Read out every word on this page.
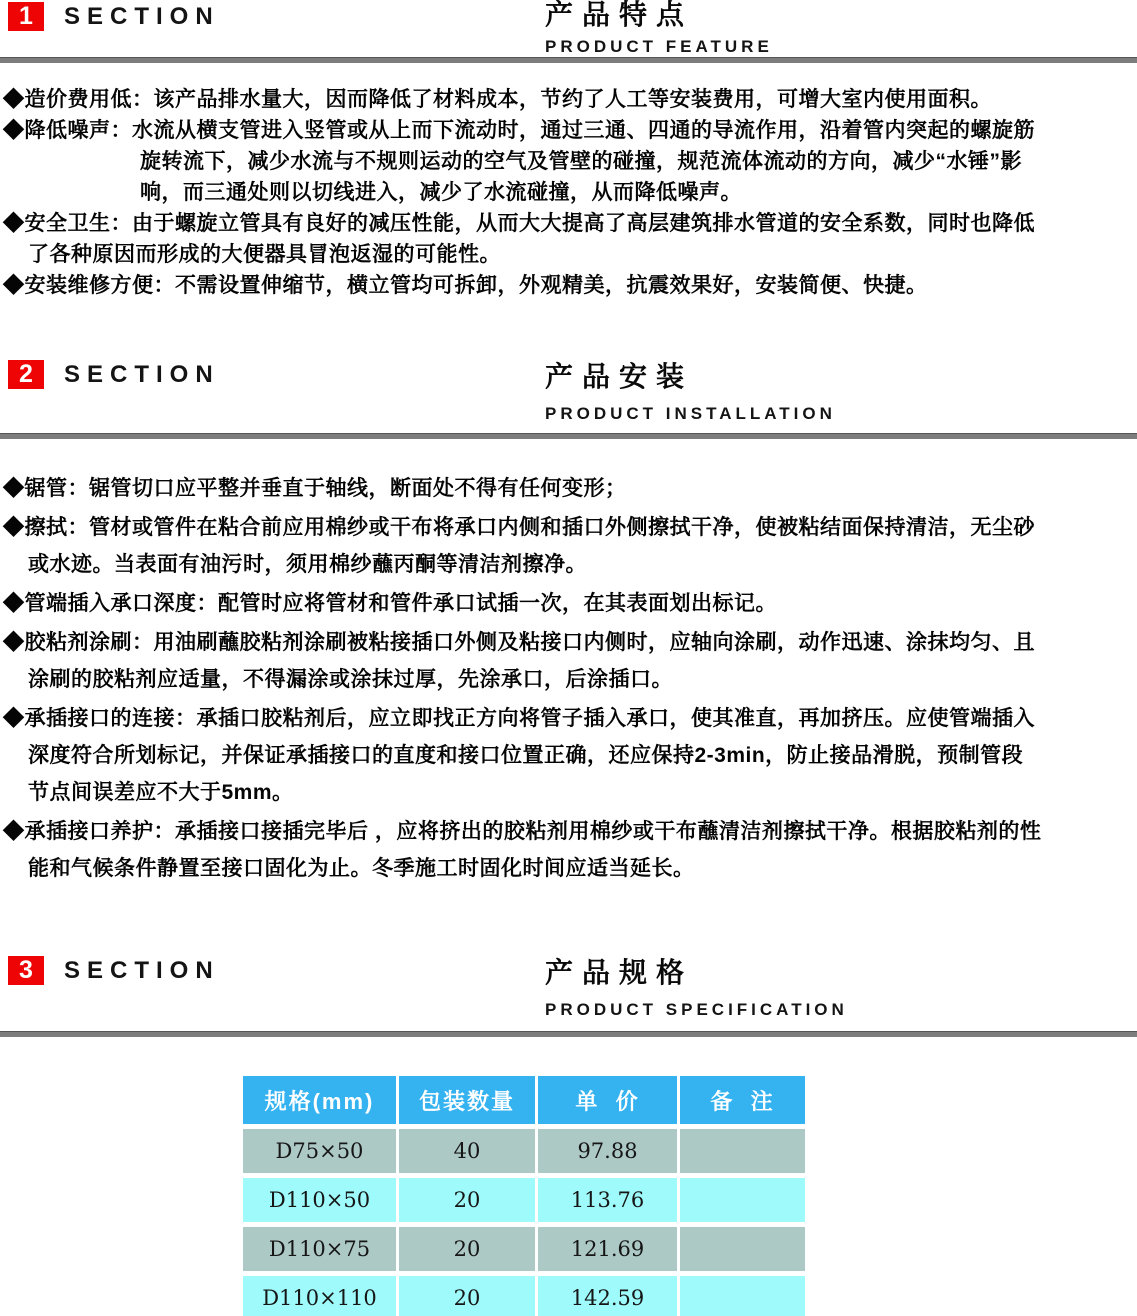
1	SECTION	产品特点
PRODUCT FEATURE
◆造价费用低：该产品排水量大，因而降低了材料成本，节约了人工等安装费用，可增大室内使用面积。
◆降低噪声：水流从横支管进入竖管或从上而下流动时，通过三通、四通的导流作用，沿着管内突起的螺旋筋
旋转流下，减少水流与不规则运动的空气及管壁的碰撞，规范流体流动的方向，减少“水锤”影
响，而三通处则以切线进入，减少了水流碰撞，从而降低噪声。
◆安全卫生：由于螺旋立管具有良好的减压性能，从而大大提高了高层建筑排水管道的安全系数，同时也降低
了各种原因而形成的大便器具冒泡返湿的可能性。
◆安装维修方便：不需设置伸缩节，横立管均可拆卸，外观精美，抗震效果好，安装简便、快捷。
2	SECTION	产品安装
PRODUCT INSTALLATION
◆锯管：锯管切口应平整并垂直于轴线，断面处不得有任何变形；
◆擦拭：管材或管件在粘合前应用棉纱或干布将承口内侧和插口外侧擦拭干净，使被粘结面保持清洁，无尘砂
或水迹。当表面有油污时，须用棉纱蘸丙酮等清洁剂擦净。
◆管端插入承口深度：配管时应将管材和管件承口试插一次，在其表面划出标记。
◆胶粘剂涂刷：用油刷蘸胶粘剂涂刷被粘接插口外侧及粘接口内侧时，应轴向涂刷，动作迅速、涂抹均匀、且
涂刷的胶粘剂应适量，不得漏涂或涂抹过厚，先涂承口，后涂插口。
◆承插接口的连接：承插口胶粘剂后，应立即找正方向将管子插入承口，使其准直，再加挤压。应使管端插入
深度符合所划标记，并保证承插接口的直度和接口位置正确，还应保持2-3min，防止接品滑脱，预制管段
节点间误差应不大于5mm。
◆承插接口养护：承插接口接插完毕后 ，应将挤出的胶粘剂用棉纱或干布蘸清洁剂擦拭干净。根据胶粘剂的性
能和气候条件静置至接口固化为止。冬季施工时固化时间应适当延长。
3	SECTION	产品规格
PRODUCT SPECIFICATION
规格(mm)	包装数量	单  价	备  注
D75×50	40	97.88
D110×50	20	113.76
D110×75	20	121.69
D110×110	20	142.59
